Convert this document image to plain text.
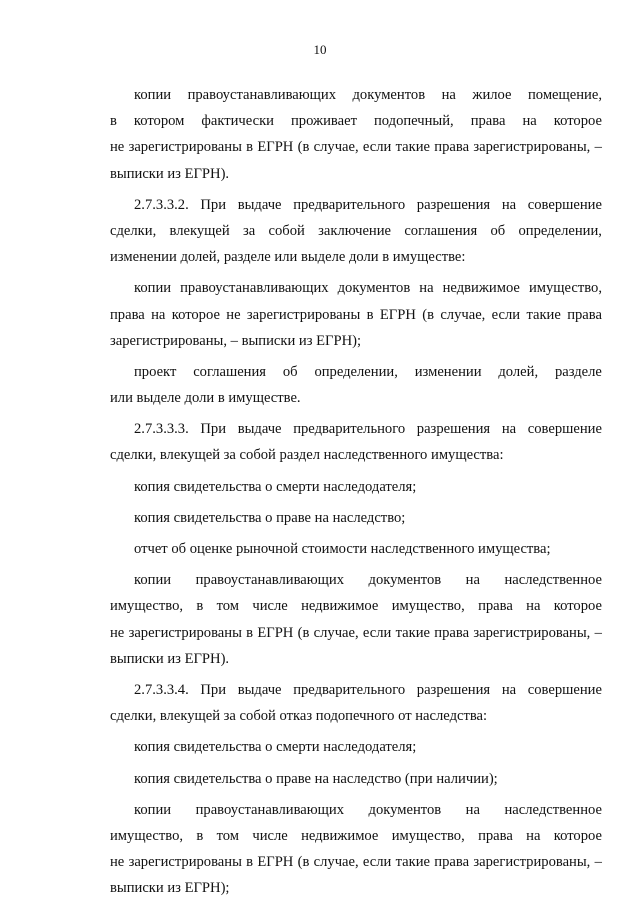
10
копии правоустанавливающих документов на жилое помещение,
в котором фактически проживает подопечный, права на которое
не зарегистрированы в ЕГРН (в случае, если такие права зарегистрированы, –
выписки из ЕГРН).
2.7.3.3.2. При выдаче предварительного разрешения на совершение
сделки, влекущей за собой заключение соглашения об определении,
изменении долей, разделе или выделе доли в имуществе:
копии правоустанавливающих документов на недвижимое имущество,
права на которое не зарегистрированы в ЕГРН (в случае, если такие права
зарегистрированы, – выписки из ЕГРН);
проект соглашения об определении, изменении долей, разделе
или выделе доли в имуществе.
2.7.3.3.3. При выдаче предварительного разрешения на совершение
сделки, влекущей за собой раздел наследственного имущества:
копия свидетельства о смерти наследодателя;
копия свидетельства о праве на наследство;
отчет об оценке рыночной стоимости наследственного имущества;
копии правоустанавливающих документов на наследственное
имущество, в том числе недвижимое имущество, права на которое
не зарегистрированы в ЕГРН (в случае, если такие права зарегистрированы, –
выписки из ЕГРН).
2.7.3.3.4. При выдаче предварительного разрешения на совершение
сделки, влекущей за собой отказ подопечного от наследства:
копия свидетельства о смерти наследодателя;
копия свидетельства о праве на наследство (при наличии);
копии правоустанавливающих документов на наследственное
имущество, в том числе недвижимое имущество, права на которое
не зарегистрированы в ЕГРН (в случае, если такие права зарегистрированы, –
выписки из ЕГРН);
